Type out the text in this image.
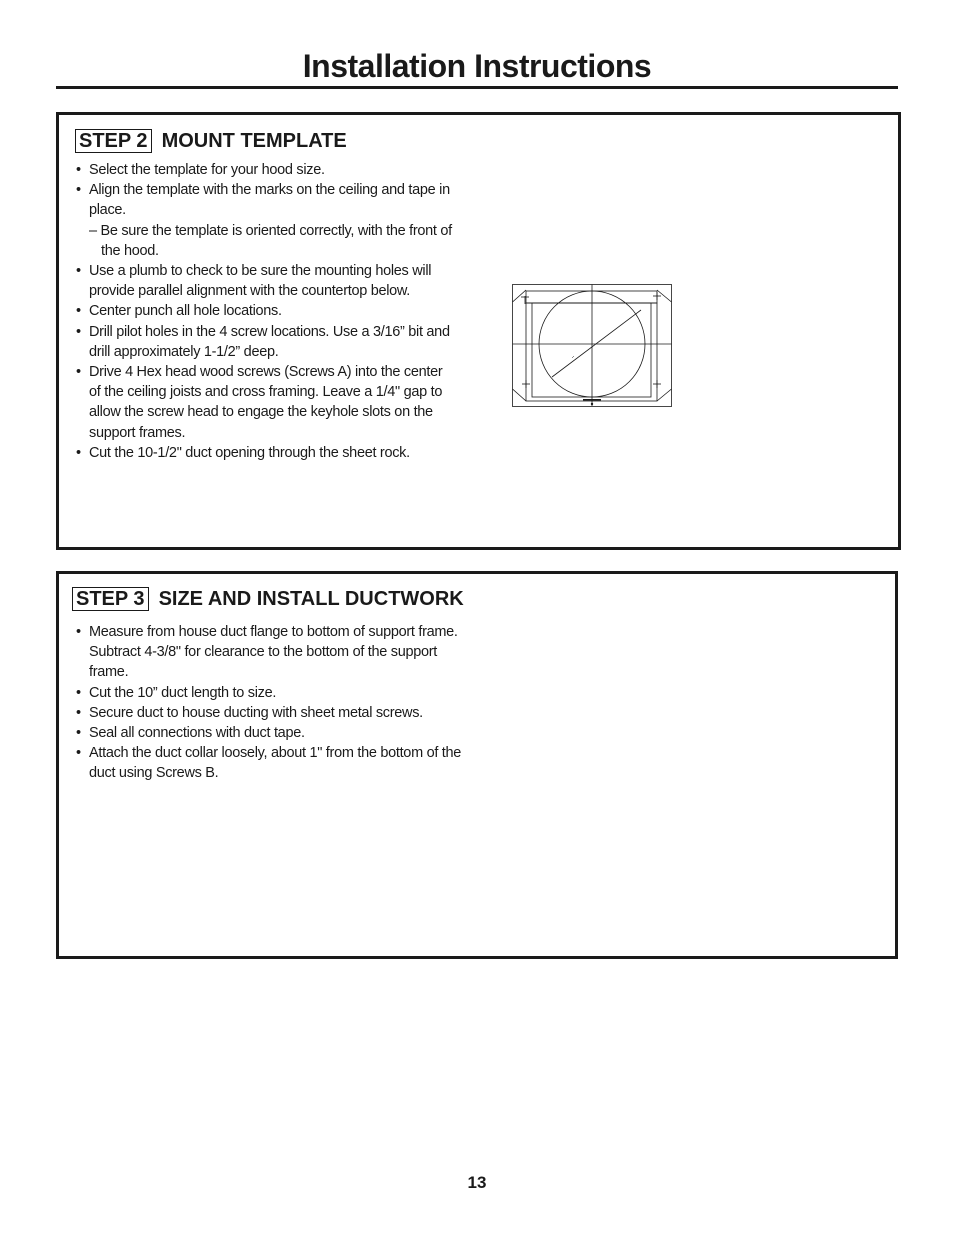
Installation Instructions
STEP 2 MOUNT TEMPLATE
• Select the template for your hood size.
• Align the template with the marks on the ceiling and tape in place.
– Be sure the template is oriented correctly, with the front of the hood.
• Use a plumb to check to be sure the mounting holes will provide parallel alignment with the countertop below.
• Center punch all hole locations.
• Drill pilot holes in the 4 screw locations. Use a 3/16” bit and drill approximately 1-1/2” deep.
• Drive 4 Hex head wood screws (Screws A) into the center of the ceiling joists and cross framing. Leave a 1/4" gap to allow the screw head to engage the keyhole slots on the support frames.
• Cut the 10-1/2" duct opening through the sheet rock.
STEP 3 SIZE AND INSTALL DUCTWORK
• Measure from house duct flange to bottom of support frame. Subtract 4-3/8" for clearance to the bottom of the support frame.
• Cut the 10” duct length to size.
• Secure duct to house ducting with sheet metal screws.
• Seal all connections with duct tape.
• Attach the duct collar loosely, about 1" from the bottom of the duct using Screws B.
13
